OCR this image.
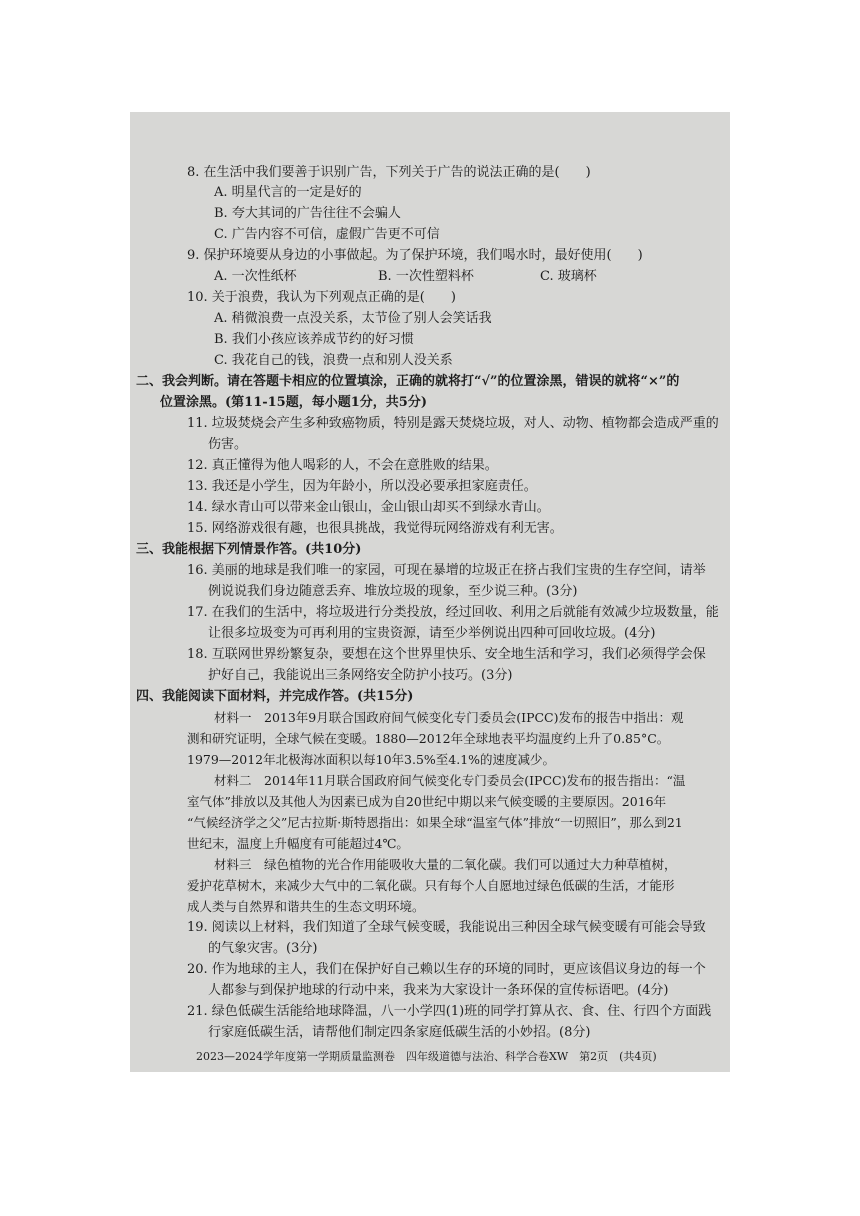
8. 在生活中我们要善于识别广告，下列关于广告的说法正确的是(　　)
A. 明星代言的一定是好的
B. 夸大其词的广告往往不会骗人
C. 广告内容不可信，虚假广告更不可信
9. 保护环境要从身边的小事做起。为了保护环境，我们喝水时，最好使用(　　)
A. 一次性纸杯	B. 一次性塑料杯	C. 玻璃杯
10. 关于浪费，我认为下列观点正确的是(　　)
A. 稍微浪费一点没关系，太节俭了别人会笑话我
B. 我们小孩应该养成节约的好习惯
C. 我花自己的钱，浪费一点和别人没关系
二、我会判断。请在答题卡相应的位置填涂，正确的就将打“√”的位置涂黑，错误的就将“×”的
位置涂黑。(第11-15题，每小题1分，共5分)
11. 垃圾焚烧会产生多种致癌物质，特别是露天焚烧垃圾，对人、动物、植物都会造成严重的
伤害。
12. 真正懂得为他人喝彩的人，不会在意胜败的结果。
13. 我还是小学生，因为年龄小，所以没必要承担家庭责任。
14. 绿水青山可以带来金山银山，金山银山却买不到绿水青山。
15. 网络游戏很有趣，也很具挑战，我觉得玩网络游戏有利无害。
三、我能根据下列情景作答。(共10分)
16. 美丽的地球是我们唯一的家园，可现在暴增的垃圾正在挤占我们宝贵的生存空间，请举
例说说我们身边随意丢弃、堆放垃圾的现象，至少说三种。(3分)
17. 在我们的生活中，将垃圾进行分类投放，经过回收、利用之后就能有效减少垃圾数量，能
让很多垃圾变为可再利用的宝贵资源，请至少举例说出四种可回收垃圾。(4分)
18. 互联网世界纷繁复杂，要想在这个世界里快乐、安全地生活和学习，我们必须得学会保
护好自己，我能说出三条网络安全防护小技巧。(3分)
四、我能阅读下面材料，并完成作答。(共15分)
材料一　2013年9月联合国政府间气候变化专门委员会(IPCC)发布的报告中指出：观
测和研究证明，全球气候在变暖。1880—2012年全球地表平均温度约上升了0.85°C。
1979—2012年北极海冰面积以每10年3.5%至4.1%的速度减少。
材料二　2014年11月联合国政府间气候变化专门委员会(IPCC)发布的报告指出：“温
室气体”排放以及其他人为因素已成为自20世纪中期以来气候变暖的主要原因。2016年
“气候经济学之父”尼古拉斯·斯特恩指出：如果全球“温室气体”排放“一切照旧”，那么到21
世纪末，温度上升幅度有可能超过4℃。
材料三　绿色植物的光合作用能吸收大量的二氧化碳。我们可以通过大力种草植树，
爱护花草树木，来减少大气中的二氧化碳。只有每个人自愿地过绿色低碳的生活，才能形
成人类与自然界和谐共生的生态文明环境。
19. 阅读以上材料，我们知道了全球气候变暖，我能说出三种因全球气候变暖有可能会导致
的气象灾害。(3分)
20. 作为地球的主人，我们在保护好自己赖以生存的环境的同时，更应该倡议身边的每一个
人都参与到保护地球的行动中来，我来为大家设计一条环保的宣传标语吧。(4分)
21. 绿色低碳生活能给地球降温，八一小学四(1)班的同学打算从衣、食、住、行四个方面践
行家庭低碳生活，请帮他们制定四条家庭低碳生活的小妙招。(8分)
2023—2024学年度第一学期质量监测卷　四年级道德与法治、科学合卷XW　第2页　(共4页)
